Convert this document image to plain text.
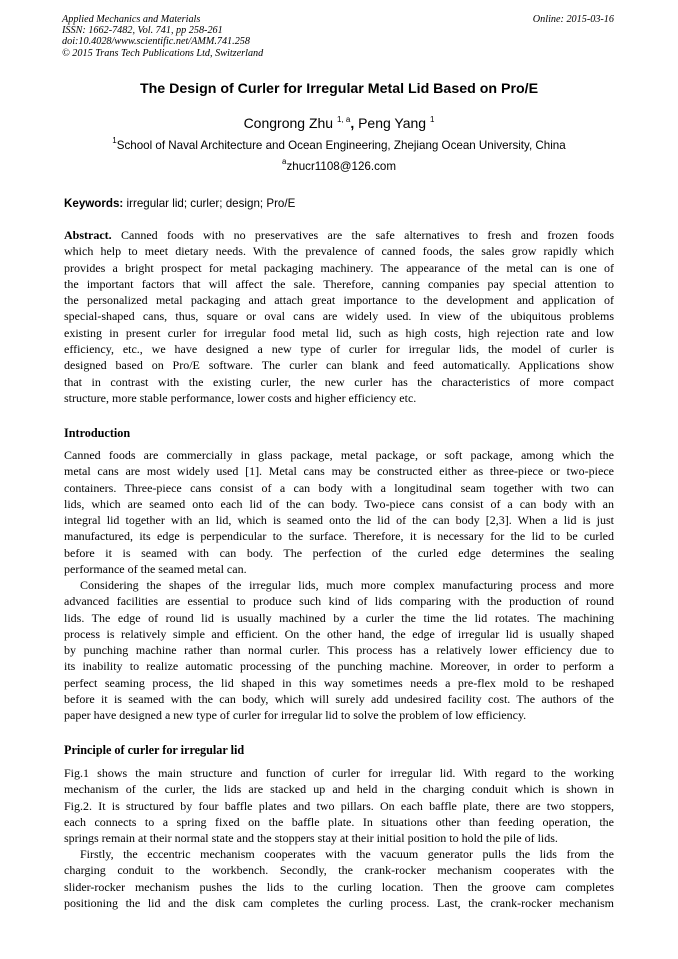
Applied Mechanics and Materials
ISSN: 1662-7482, Vol. 741, pp 258-261
doi:10.4028/www.scientific.net/AMM.741.258
© 2015 Trans Tech Publications Ltd, Switzerland
Online: 2015-03-16
The Design of Curler for Irregular Metal Lid Based on Pro/E
Congrong Zhu $^{1, a}$, Peng Yang $^1$
$^1$School of Naval Architecture and Ocean Engineering, Zhejiang Ocean University, China
$^a$zhucr1108@126.com
Keywords: irregular lid; curler; design; Pro/E
Abstract. Canned foods with no preservatives are the safe alternatives to fresh and frozen foods
which help to meet dietary needs. With the prevalence of canned foods, the sales grow rapidly which
provides a bright prospect for metal packaging machinery. The appearance of the metal can is one of
the important factors that will affect the sale. Therefore, canning companies pay special attention to
the personalized metal packaging and attach great importance to the development and application of
special-shaped cans, thus, square or oval cans are widely used. In view of the ubiquitous problems
existing in present curler for irregular food metal lid, such as high costs, high rejection rate and low
efficiency, etc., we have designed a new type of curler for irregular lids, the model of curler is
designed based on Pro/E software. The curler can blank and feed automatically. Applications show
that in contrast with the existing curler, the new curler has the characteristics of more compact
structure, more stable performance, lower costs and higher efficiency etc.
Introduction
Canned foods are commercially in glass package, metal package, or soft package, among which the
metal cans are most widely used [1]. Metal cans may be constructed either as three-piece or two-piece
containers. Three-piece cans consist of a can body with a longitudinal seam together with two can
lids, which are seamed onto each lid of the can body. Two-piece cans consist of a can body with an
integral lid together with an lid, which is seamed onto the lid of the can body [2,3]. When a lid is just
manufactured, its edge is perpendicular to the surface. Therefore, it is necessary for the lid to be curled
before it is seamed with can body. The perfection of the curled edge determines the sealing
performance of the seamed metal can.
Considering the shapes of the irregular lids, much more complex manufacturing process and more
advanced facilities are essential to produce such kind of lids comparing with the production of round
lids. The edge of round lid is usually machined by a curler the time the lid rotates. The machining
process is relatively simple and efficient. On the other hand, the edge of irregular lid is usually shaped
by punching machine rather than normal curler. This process has a relatively lower efficiency due to
its inability to realize automatic processing of the punching machine. Moreover, in order to perform a
perfect seaming process, the lid shaped in this way sometimes needs a pre-flex mold to be reshaped
before it is seamed with the can body, which will surely add undesired facility cost. The authors of the
paper have designed a new type of curler for irregular lid to solve the problem of low efficiency.
Principle of curler for irregular lid
Fig.1 shows the main structure and function of curler for irregular lid. With regard to the working
mechanism of the curler, the lids are stacked up and held in the charging conduit which is shown in
Fig.2. It is structured by four baffle plates and two pillars. On each baffle plate, there are two stoppers,
each connects to a spring fixed on the baffle plate. In situations other than feeding operation, the
springs remain at their normal state and the stoppers stay at their initial position to hold the pile of lids.
Firstly, the eccentric mechanism cooperates with the vacuum generator pulls the lids from the
charging conduit to the workbench. Secondly, the crank-rocker mechanism cooperates with the
slider-rocker mechanism pushes the lids to the curling location. Then the groove cam completes
positioning the lid and the disk cam completes the curling process. Last, the crank-rocker mechanism
